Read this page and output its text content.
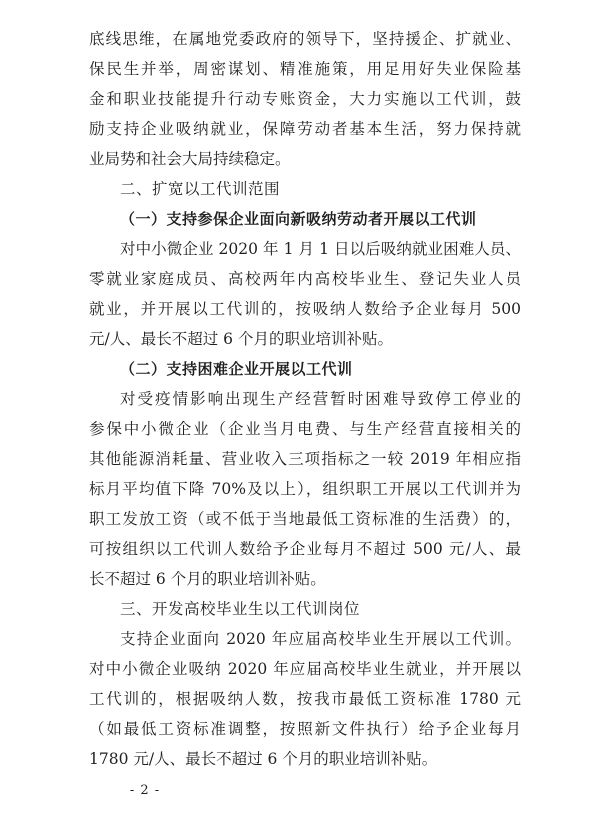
底线思维，在属地党委政府的领导下，坚持援企、扩就业、
保民生并举，周密谋划、精准施策，用足用好失业保险基
金和职业技能提升行动专账资金，大力实施以工代训，鼓
励支持企业吸纳就业，保障劳动者基本生活，努力保持就
业局势和社会大局持续稳定。
二、扩宽以工代训范围
（一）支持参保企业面向新吸纳劳动者开展以工代训
对中小微企业 2020 年 1 月 1 日以后吸纳就业困难人员、
零就业家庭成员、高校两年内高校毕业生、登记失业人员
就业，并开展以工代训的，按吸纳人数给予企业每月 500
元/人、最长不超过 6 个月的职业培训补贴。
（二）支持困难企业开展以工代训
对受疫情影响出现生产经营暂时困难导致停工停业的
参保中小微企业（企业当月电费、与生产经营直接相关的
其他能源消耗量、营业收入三项指标之一较 2019 年相应指
标月平均值下降 70%及以上），组织职工开展以工代训并为
职工发放工资（或不低于当地最低工资标准的生活费）的，
可按组织以工代训人数给予企业每月不超过 500 元/人、最
长不超过 6 个月的职业培训补贴。
三、开发高校毕业生以工代训岗位
支持企业面向 2020 年应届高校毕业生开展以工代训。
对中小微企业吸纳 2020 年应届高校毕业生就业，并开展以
工代训的，根据吸纳人数，按我市最低工资标准 1780 元
（如最低工资标准调整，按照新文件执行）给予企业每月
1780 元/人、最长不超过 6 个月的职业培训补贴。
- 2 -
